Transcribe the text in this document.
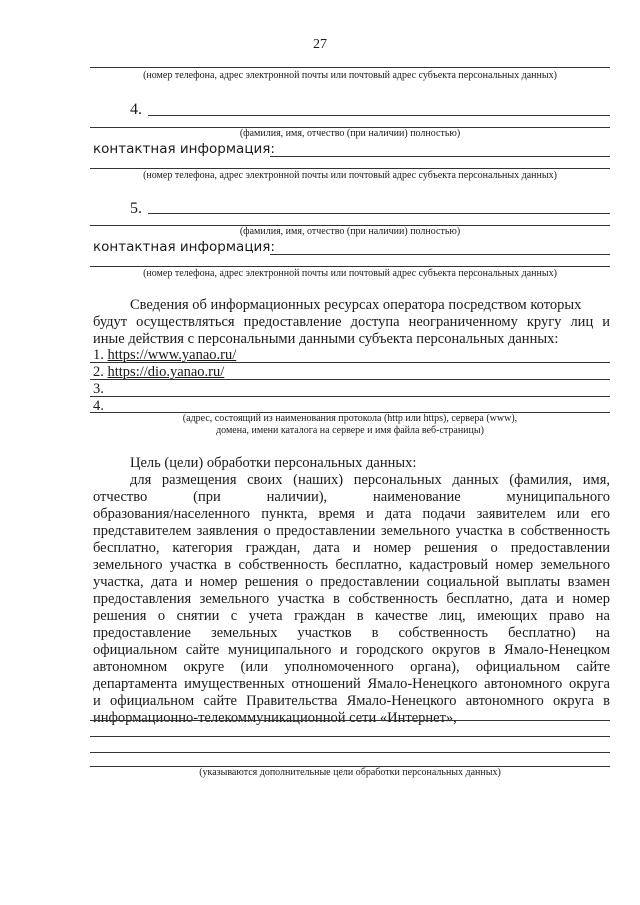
27
(номер телефона, адрес электронной почты или почтовый адрес субъекта персональных данных)
4.
(фамилия, имя, отчество (при наличии) полностью)
контактная информация:
(номер телефона, адрес электронной почты или почтовый адрес субъекта персональных данных)
5.
(фамилия, имя, отчество (при наличии) полностью)
контактная информация:
(номер телефона, адрес электронной почты или почтовый адрес субъекта персональных данных)
Сведения об информационных ресурсах оператора посредством которых
будут осуществляться предоставление доступа неограниченному кругу лиц и
иные действия с персональными данными субъекта персональных данных:
1. https://www.yanao.ru/
2. https://dio.yanao.ru/
3.
4.
(адрес, состоящий из наименования протокола (http или https), сервера (www),
домена, имени каталога на сервере и имя файла веб-страницы)
Цель (цели) обработки персональных данных:
для размещения своих (наших) персональных данных (фамилия, имя,
отчество (при наличии), наименование муниципального
образования/населенного пункта, время и дата подачи заявителем или его
представителем заявления о предоставлении земельного участка в собственность
бесплатно, категория граждан, дата и номер решения о предоставлении
земельного участка в собственность бесплатно, кадастровый номер земельного
участка, дата и номер решения о предоставлении социальной выплаты взамен
предоставления земельного участка в собственность бесплатно, дата и номер
решения о снятии с учета граждан в качестве лиц, имеющих право на
предоставление земельных участков в собственность бесплатно) на
официальном сайте муниципального и городского округов в Ямало-Ненецком
автономном округе (или уполномоченного органа), официальном сайте
департамента имущественных отношений Ямало-Ненецкого автономного округа
и официальном сайте Правительства Ямало-Ненецкого автономного округа в
информационно-телекоммуникационной сети «Интернет»,
(указываются дополнительные цели обработки персональных данных)
